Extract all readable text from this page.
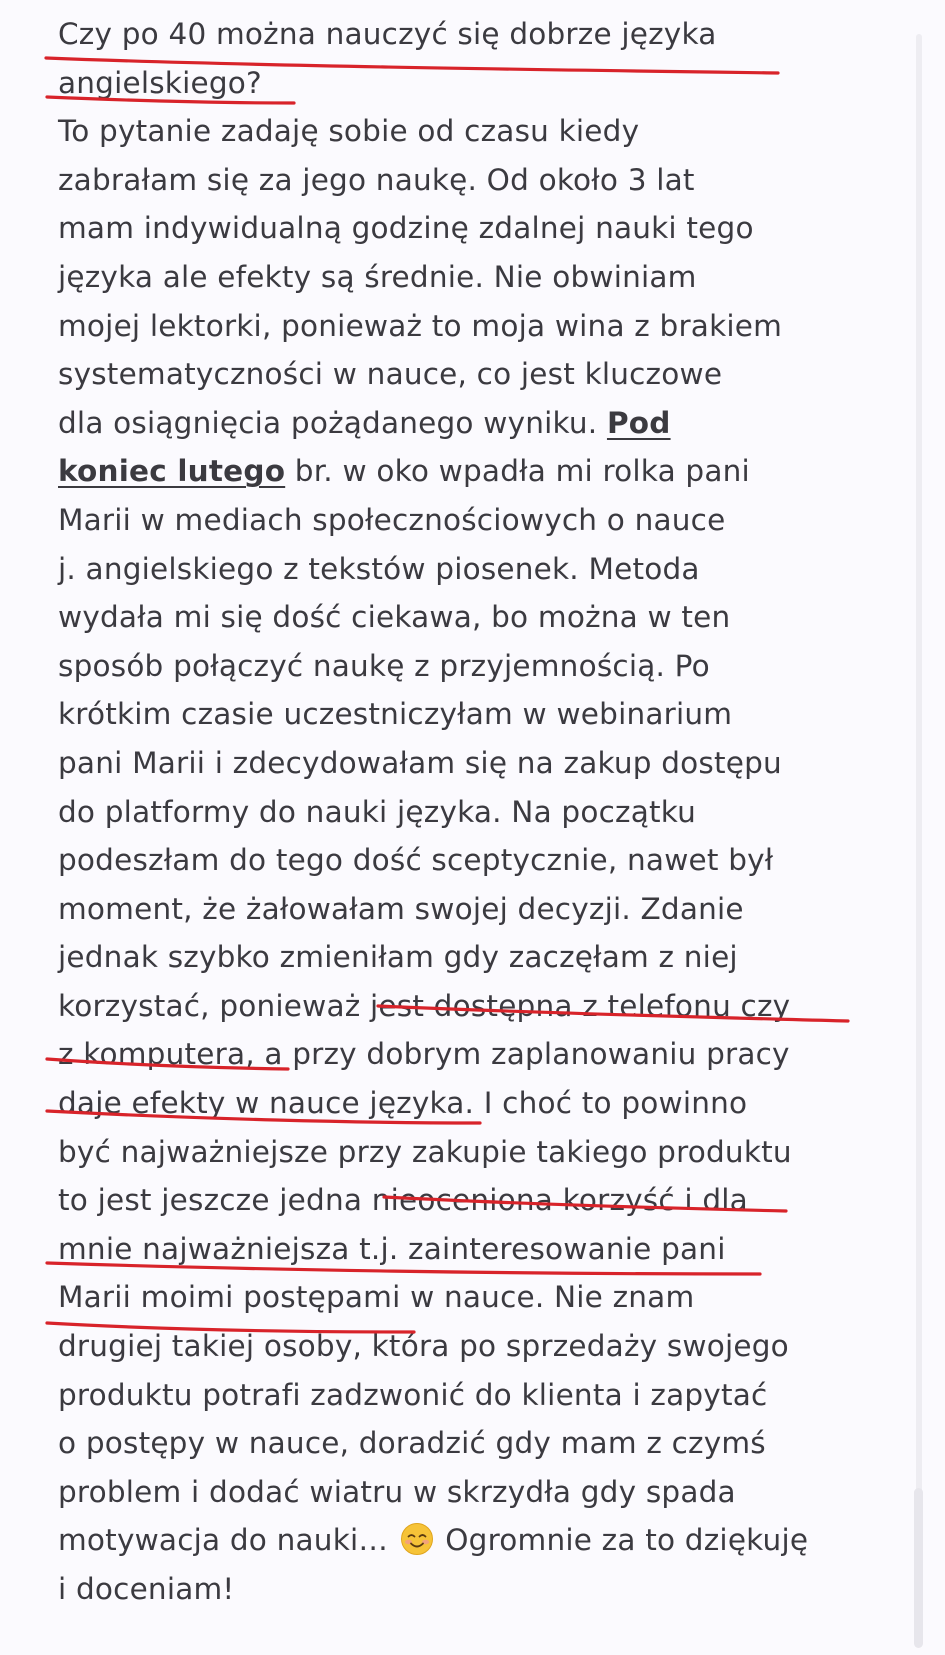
Czy po 40 można nauczyć się dobrze języka
angielskiego?
To pytanie zadaję sobie od czasu kiedy
zabrałam się za jego naukę. Od około 3 lat
mam indywidualną godzinę zdalnej nauki tego
języka ale efekty są średnie. Nie obwiniam
mojej lektorki, ponieważ to moja wina z brakiem
systematyczności w nauce, co jest kluczowe
dla osiągnięcia pożądanego wyniku. Pod
koniec lutego br. w oko wpadła mi rolka pani
Marii w mediach społecznościowych o nauce
j. angielskiego z tekstów piosenek. Metoda
wydała mi się dość ciekawa, bo można w ten
sposób połączyć naukę z przyjemnością. Po
krótkim czasie uczestniczyłam w webinarium
pani Marii i zdecydowałam się na zakup dostępu
do platformy do nauki języka. Na początku
podeszłam do tego dość sceptycznie, nawet był
moment, że żałowałam swojej decyzji. Zdanie
jednak szybko zmieniłam gdy zaczęłam z niej
korzystać, ponieważ jest dostępna z telefonu czy
z komputera, a przy dobrym zaplanowaniu pracy
daje efekty w nauce języka. I choć to powinno
być najważniejsze przy zakupie takiego produktu
to jest jeszcze jedna nieoceniona korzyść i dla
mnie najważniejsza t.j. zainteresowanie pani
Marii moimi postępami w nauce. Nie znam
drugiej takiej osoby, która po sprzedaży swojego
produktu potrafi zadzwonić do klienta i zapytać
o postępy w nauce, doradzić gdy mam z czymś
problem i dodać wiatru w skrzydła gdy spada
motywacja do nauki…  Ogromnie za to dziękuję
i doceniam!
